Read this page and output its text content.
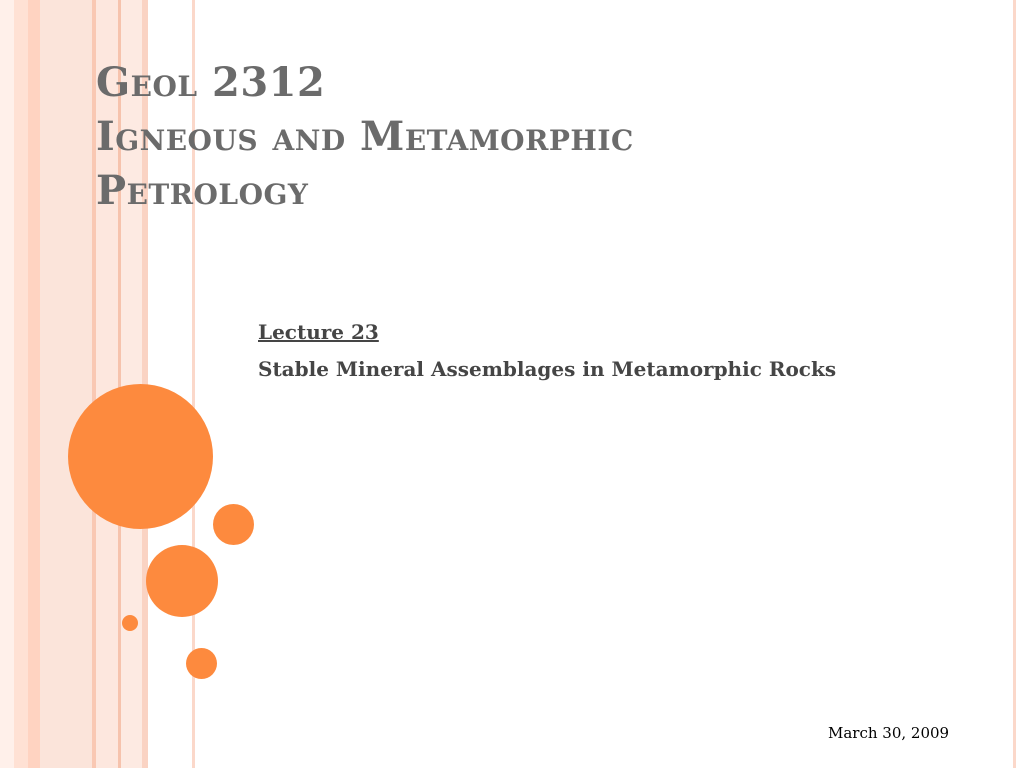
Geol 2312
Igneous and Metamorphic
Petrology
Lecture 23
Stable Mineral Assemblages in Metamorphic Rocks
March 30, 2009
